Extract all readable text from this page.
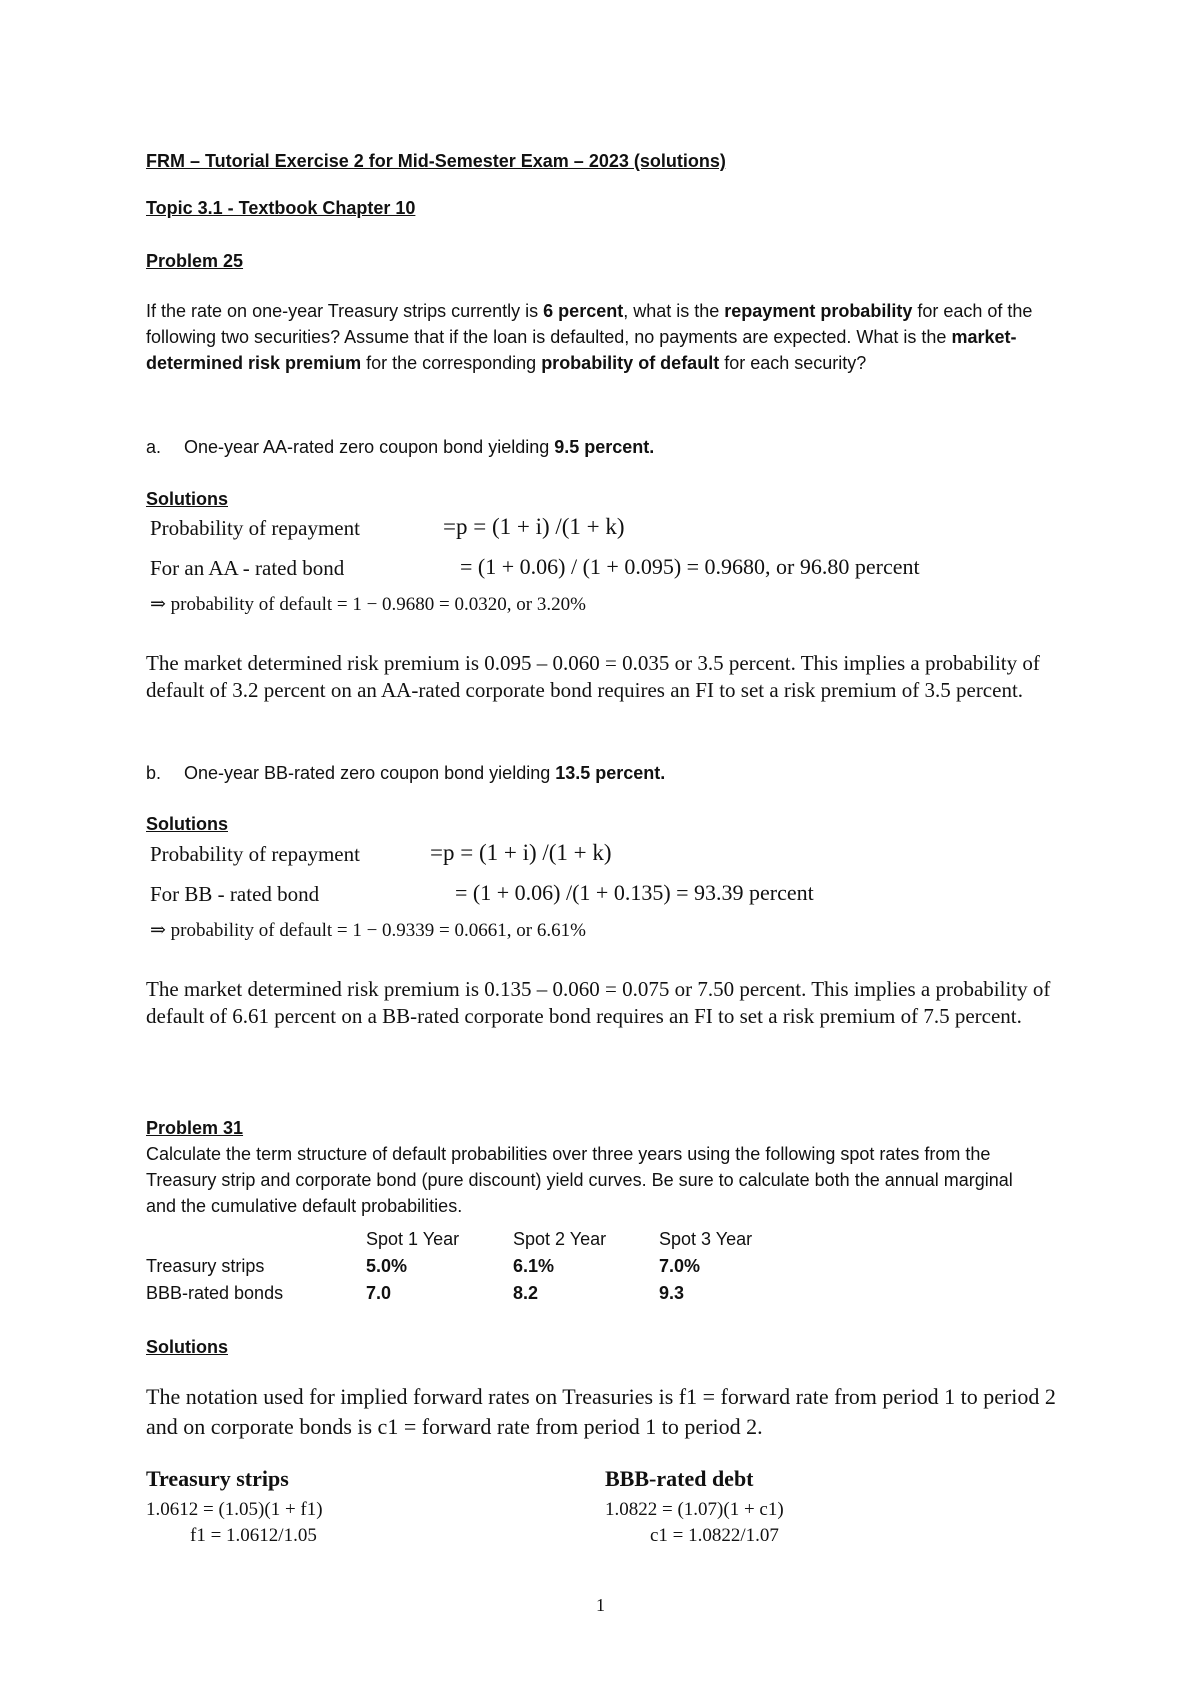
FRM – Tutorial Exercise 2 for Mid-Semester Exam – 2023 (solutions)
Topic 3.1 - Textbook Chapter 10
Problem 25
If the rate on one-year Treasury strips currently is 6 percent, what is the repayment probability for each of the following two securities? Assume that if the loan is defaulted, no payments are expected. What is the market-determined risk premium for the corresponding probability of default for each security?
a. One-year AA-rated zero coupon bond yielding 9.5 percent.
Solutions
Probability of repayment	=p = (1 + i) /(1 + k)
For an AA - rated bond	= (1 + 0.06) / (1 + 0.095) = 0.9680, or 96.80 percent
⇒ probability of default = 1 − 0.9680 = 0.0320, or 3.20%
The market determined risk premium is 0.095 – 0.060 = 0.035 or 3.5 percent. This implies a probability of default of 3.2 percent on an AA-rated corporate bond requires an FI to set a risk premium of 3.5 percent.
b. One-year BB-rated zero coupon bond yielding 13.5 percent.
Solutions
Probability of repayment	=p = (1 + i) /(1 + k)
For BB - rated bond	= (1 + 0.06) /(1 + 0.135) = 93.39 percent
⇒ probability of default = 1 − 0.9339 = 0.0661, or 6.61%
The market determined risk premium is 0.135 – 0.060 = 0.075 or 7.50 percent. This implies a probability of default of 6.61 percent on a BB-rated corporate bond requires an FI to set a risk premium of 7.5 percent.
Problem 31
Calculate the term structure of default probabilities over three years using the following spot rates from the Treasury strip and corporate bond (pure discount) yield curves. Be sure to calculate both the annual marginal and the cumulative default probabilities.
Spot 1 Year	Spot 2 Year	Spot 3 Year
Treasury strips	5.0%	6.1%	7.0%
BBB-rated bonds	7.0	8.2	9.3
Solutions
The notation used for implied forward rates on Treasuries is f1 = forward rate from period 1 to period 2 and on corporate bonds is c1 = forward rate from period 1 to period 2.
Treasury strips
1.0612 = (1.05)(1 + f1)
f1 = 1.0612/1.05
BBB-rated debt
1.0822 = (1.07)(1 + c1)
c1 = 1.0822/1.07
1
